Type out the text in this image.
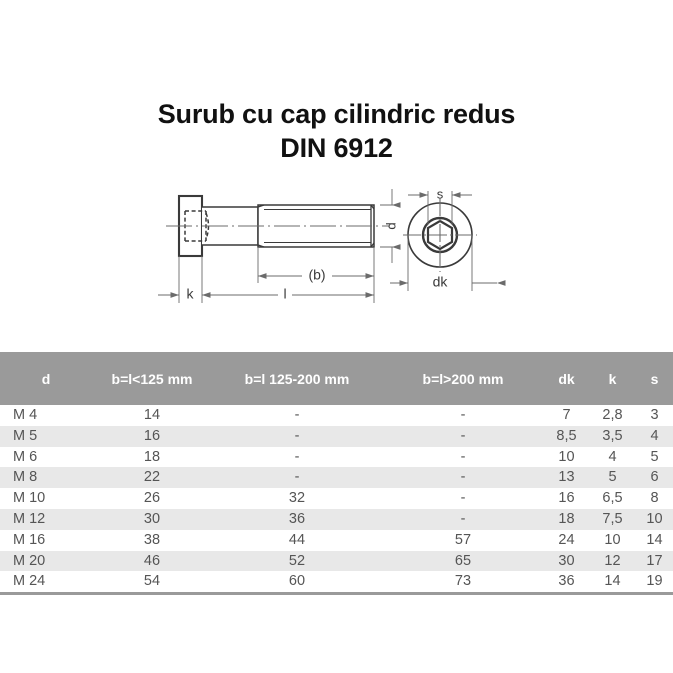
Surub cu cap cilindric redus
DIN 6912
d
(b)
l
k
s
dk
d	b=l<125 mm	b=l 125-200 mm	b=l>200 mm	dk	k	s
M 4	14	-	-	7	2,8	3
M 5	16	-	-	8,5	3,5	4
M 6	18	-	-	10	4	5
M 8	22	-	-	13	5	6
M 10	26	32	-	16	6,5	8
M 12	30	36	-	18	7,5	10
M 16	38	44	57	24	10	14
M 20	46	52	65	30	12	17
M 24	54	60	73	36	14	19
